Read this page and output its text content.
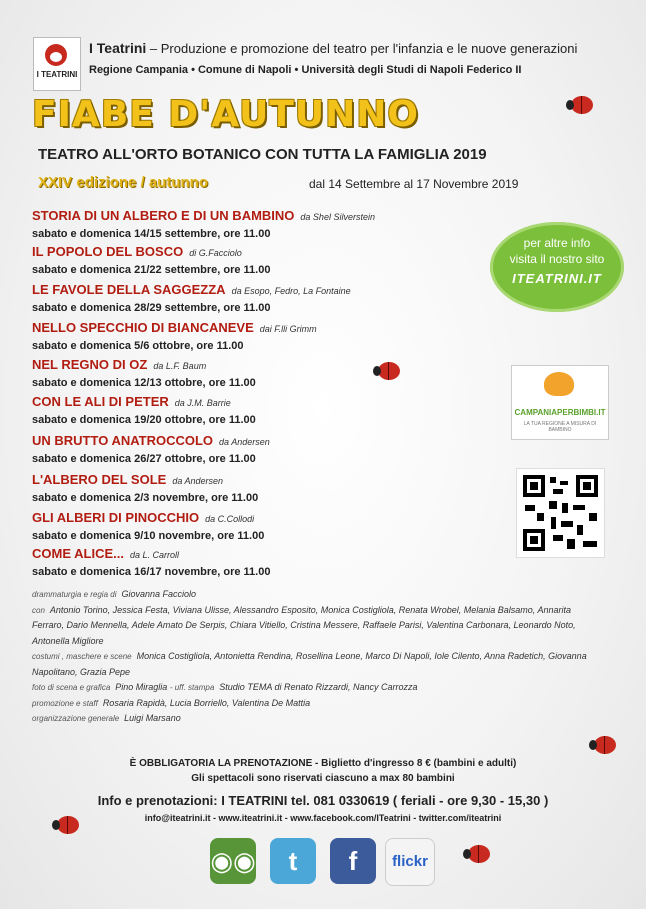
I TEATRINI
I Teatrini – Produzione e promozione del teatro per l'infanzia e le nuove generazioni
Regione Campania • Comune di Napoli • Università degli Studi di Napoli Federico II
FIABE D'AUTUNNO
TEATRO ALL'ORTO BOTANICO CON TUTTA LA FAMIGLIA 2019
XXIV edizione / autunno	dal 14 Settembre al 17 Novembre 2019
STORIA DI UN ALBERO E DI UN BAMBINO da Shel Silverstein
sabato e domenica 14/15 settembre, ore 11.00
IL POPOLO DEL BOSCO di G.Facciolo
sabato e domenica 21/22 settembre, ore 11.00
LE FAVOLE DELLA SAGGEZZA da Esopo, Fedro, La Fontaine
sabato e domenica 28/29 settembre, ore 11.00
NELLO SPECCHIO DI BIANCANEVE dai F.lli Grimm
sabato e domenica 5/6 ottobre, ore 11.00
NEL REGNO DI OZ da L.F. Baum
sabato e domenica 12/13 ottobre, ore 11.00
CON LE ALI DI PETER da J.M. Barrie
sabato e domenica 19/20 ottobre, ore 11.00
UN BRUTTO ANATROCCOLO da Andersen
sabato e domenica 26/27 ottobre, ore 11.00
L'ALBERO DEL SOLE da Andersen
sabato e domenica 2/3 novembre, ore 11.00
GLI ALBERI DI PINOCCHIO da C.Collodi
sabato e domenica 9/10 novembre, ore 11.00
COME ALICE... da L. Carroll
sabato e domenica 16/17 novembre, ore 11.00
drammaturgia e regia di Giovanna Facciolo
con Antonio Torino, Jessica Festa, Viviana Ulisse, Alessandro Esposito, Monica Costigliola, Renata Wrobel, Melania Balsamo, Annarita Ferraro, Dario Mennella, Adele Amato De Serpis, Chiara Vitiello, Cristina Messere, Raffaele Parisi, Valentina Carbonara, Leonardo Noto, Antonella Migliore
costumi , maschere e scene Monica Costigliola, Antonietta Rendina, Rosellina Leone, Marco Di Napoli, Iole Cilento, Anna Radetich, Giovanna Napolitano, Grazia Pepe
foto di scena e grafica Pino Miraglia - uff. stampa Studio TEMA di Renato Rizzardi, Nancy Carrozza
promozione e staff Rosaria Rapidà, Lucia Borriello, Valentina De Mattia
organizzazione generale Luigi Marsano
È OBBLIGATORIA LA PRENOTAZIONE - Biglietto d'ingresso 8 € (bambini e adulti)
Gli spettacoli sono riservati ciascuno a max 80 bambini
Info e prenotazioni: I TEATRINI tel. 081 0330619 ( feriali - ore 9,30 - 15,30 )
info@iteatrini.it - www.iteatrini.it - www.facebook.com/ITeatrini - twitter.com/iteatrini
per altre info
visita il nostro sito
ITEATRINI.IT
CAMPANIAPERBIMBI.IT
LA TUA REGIONE A MISURA DI BAMBINO
◉◉	t	f	flickr
